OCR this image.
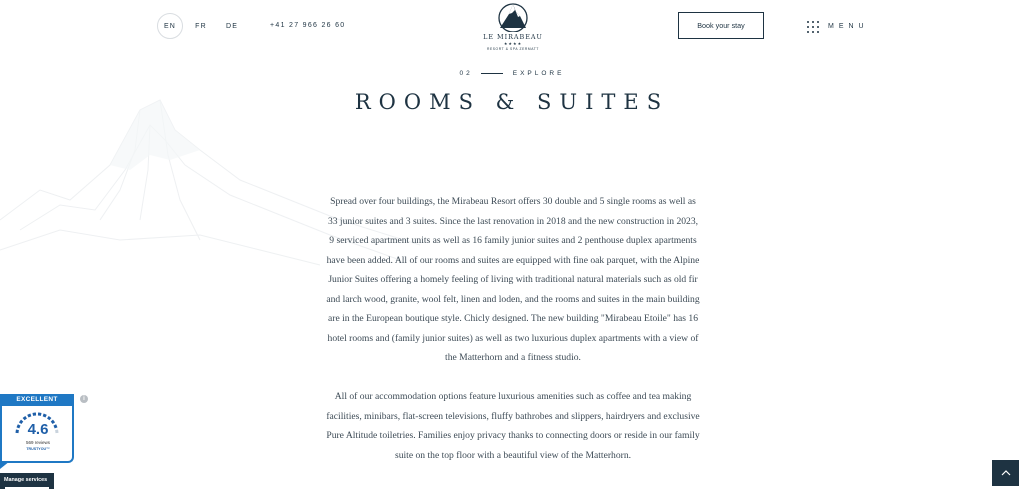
EN	FR	DE	+41 27 966 26 60
LE MIRABEAU
★★★★
RESORT & SPA ZERMATT
Book your stay	MENU
02	EXPLORE
ROOMS & SUITES

Spread over four buildings, the Mirabeau Resort offers 30 double and 5 single rooms as well as 33 junior suites and 3 suites. Since the last renovation in 2018 and the new construction in 2023, 9 serviced apartment units as well as 16 family junior suites and 2 penthouse duplex apartments have been added. All of our rooms and suites are equipped with fine oak parquet, with the Alpine Junior Suites offering a homely feeling of living with traditional natural materials such as old fir and larch wood, granite, wool felt, linen and loden, and the rooms and suites in the main building are in the European boutique style. Chicly designed. The new building "Mirabeau Etoile" has 16 hotel rooms and (family junior suites) as well as two luxurious duplex apartments with a view of the Matterhorn and a fitness studio.

All of our accommodation options feature luxurious amenities such as coffee and tea making facilities, minibars, flat-screen televisions, fluffy bathrobes and slippers, hairdryers and exclusive Pure Altitude toiletries. Families enjoy privacy thanks to connecting doors or reside in our family suite on the top floor with a beautiful view of the Matterhorn.

EXCELLENT
4.6
569 reviews
TRUSTYOU™
i
Manage services
